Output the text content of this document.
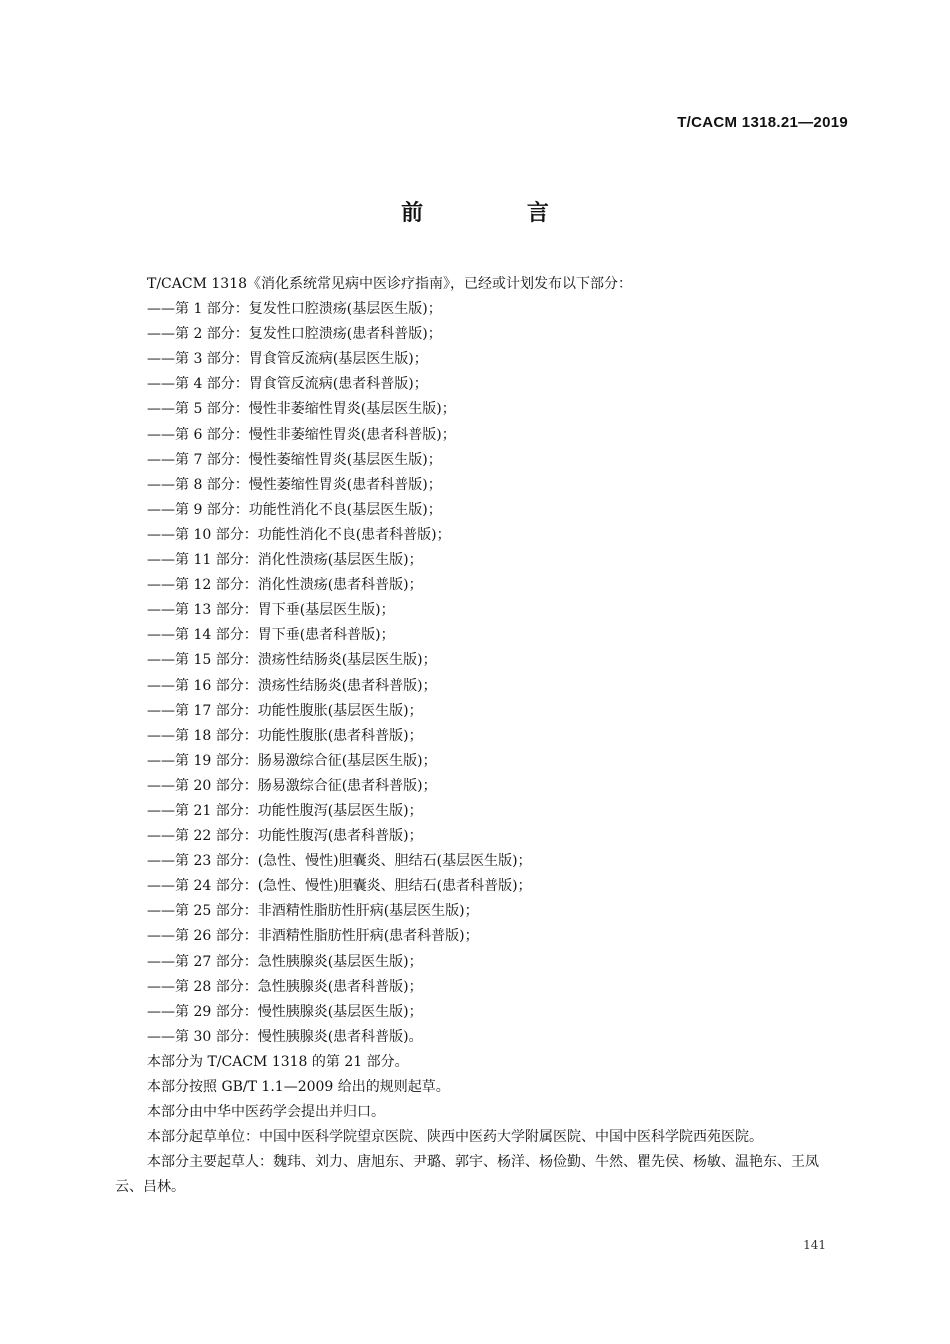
T/CACM 1318.21—2019
前 言

T/CACM 1318《消化系统常见病中医诊疗指南》，已经或计划发布以下部分：

——第 1 部分：复发性口腔溃疡(基层医生版)；

——第 2 部分：复发性口腔溃疡(患者科普版)；

——第 3 部分：胃食管反流病(基层医生版)；

——第 4 部分：胃食管反流病(患者科普版)；

——第 5 部分：慢性非萎缩性胃炎(基层医生版)；

——第 6 部分：慢性非萎缩性胃炎(患者科普版)；

——第 7 部分：慢性萎缩性胃炎(基层医生版)；

——第 8 部分：慢性萎缩性胃炎(患者科普版)；

——第 9 部分：功能性消化不良(基层医生版)；

——第 10 部分：功能性消化不良(患者科普版)；

——第 11 部分：消化性溃疡(基层医生版)；

——第 12 部分：消化性溃疡(患者科普版)；

——第 13 部分：胃下垂(基层医生版)；

——第 14 部分：胃下垂(患者科普版)；

——第 15 部分：溃疡性结肠炎(基层医生版)；

——第 16 部分：溃疡性结肠炎(患者科普版)；

——第 17 部分：功能性腹胀(基层医生版)；

——第 18 部分：功能性腹胀(患者科普版)；

——第 19 部分：肠易激综合征(基层医生版)；

——第 20 部分：肠易激综合征(患者科普版)；

——第 21 部分：功能性腹泻(基层医生版)；

——第 22 部分：功能性腹泻(患者科普版)；

——第 23 部分：(急性、慢性)胆囊炎、胆结石(基层医生版)；

——第 24 部分：(急性、慢性)胆囊炎、胆结石(患者科普版)；

——第 25 部分：非酒精性脂肪性肝病(基层医生版)；

——第 26 部分：非酒精性脂肪性肝病(患者科普版)；

——第 27 部分：急性胰腺炎(基层医生版)；

——第 28 部分：急性胰腺炎(患者科普版)；

——第 29 部分：慢性胰腺炎(基层医生版)；

——第 30 部分：慢性胰腺炎(患者科普版)。

本部分为 T/CACM 1318 的第 21 部分。

本部分按照 GB/T 1.1—2009 给出的规则起草。

本部分由中华中医药学会提出并归口。

本部分起草单位：中国中医科学院望京医院、陕西中医药大学附属医院、中国中医科学院西苑医院。

本部分主要起草人：魏玮、刘力、唐旭东、尹璐、郭宇、杨洋、杨俭勤、牛然、瞿先侯、杨敏、温艳东、王凤云、吕林。

141
